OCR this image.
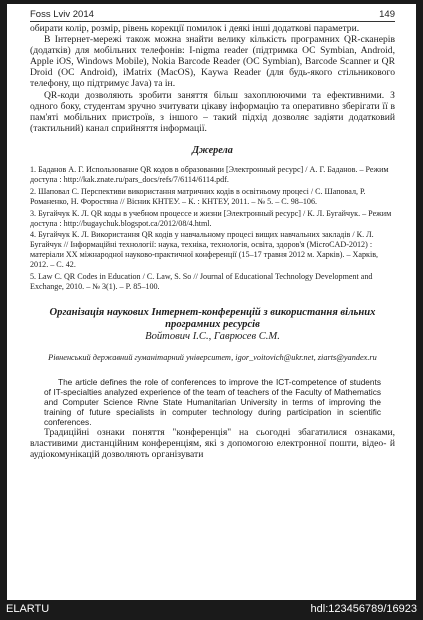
Foss Lviv 2014	149

обирати колір, розмір, рівень корекції помилок і деякі інші додаткові параметри.

В Інтернет-мережі також можна знайти велику кількість програмних QR-сканерів (додатків) для мобільних телефонів: I-nigma reader (підтримка ОС Symbian, Android, Apple iOS, Windows Mobile), Nokia Barcode Reader (ОС Symbian), Barcode Scanner и QR Droid (ОС Android), iMatrix (MacOS), Kaywa Reader (для будь-якого стільникового телефону, що підтримує Java) та ін.

QR-коди дозволяють зробити заняття більш захоплюючими та ефективними. З одного боку, студентам зручно зчитувати цікаву інформацію та оперативно зберігати її в пам'яті мобільних пристроїв, з іншого – такий підхід дозволяє задіяти додатковий (тактильний) канал сприйняття інформації.

Джерела

1. Баданов А. Г. Использование QR кодов в образовании [Электронный ресурс] / А. Г. Баданов. – Режим доступа : http://kak.znate.ru/pars_docs/refs/7/6114/6114.pdf.

2. Шаповал С. Перспективи використання матричних кодів в освітньому процесі / С. Шаповал, Р. Романенко, Н. Форостяна // Вісник КНТЕУ. – К. : КНТЕУ, 2011. – № 5. – С. 98–106.

3. Бугайчук К. Л. QR коды в учебном процессе и жизни [Электронный ресурс] / К. Л. Бугайчук. – Режим доступа : http://bugaychuk.blogspot.ca/2012/08/4.html.

4. Бугайчук К. Л. Використання QR кодів у навчальному процесі вищих навчальних закладів / К. Л. Бугайчук // Інформаційні технології: наука, техніка, технологія, освіта, здоров'я (MicroCAD-2012) : матеріали XX міжнародної науково-практичної конференції (15–17 травня 2012 м. Харків). – Харків, 2012. – С. 42.

5. Law C. QR Codes in Education / C. Law, S. So // Journal of Educational Technology Development and Exchange, 2010. – № 3(1). – P. 85–100.

Організація наукових Інтернет-конференцій з використання вільних програмних ресурсів
Войтович І.С., Гаврюсев С.М.
Рівненський державний гуманітарний університет, igor_voitovich@ukr.net, ziarts@yandex.ru

The article defines the role of conferences to improve the ICT-competence of students of IT-specialties analyzed experience of the team of teachers of the Faculty of Mathematics and Computer Science Rivne State Humanitarian University in terms of improving the training of future specialists in computer technology during participation in scientific conferences.

Традиційні ознаки поняття "конференція" на сьогодні збагатилися ознаками, властивими дистанційним конференціям, які з допомогою електронної пошти, відео- й аудіокомунікацій дозволяють організувати

ELARTU	hdl:123456789/16923
